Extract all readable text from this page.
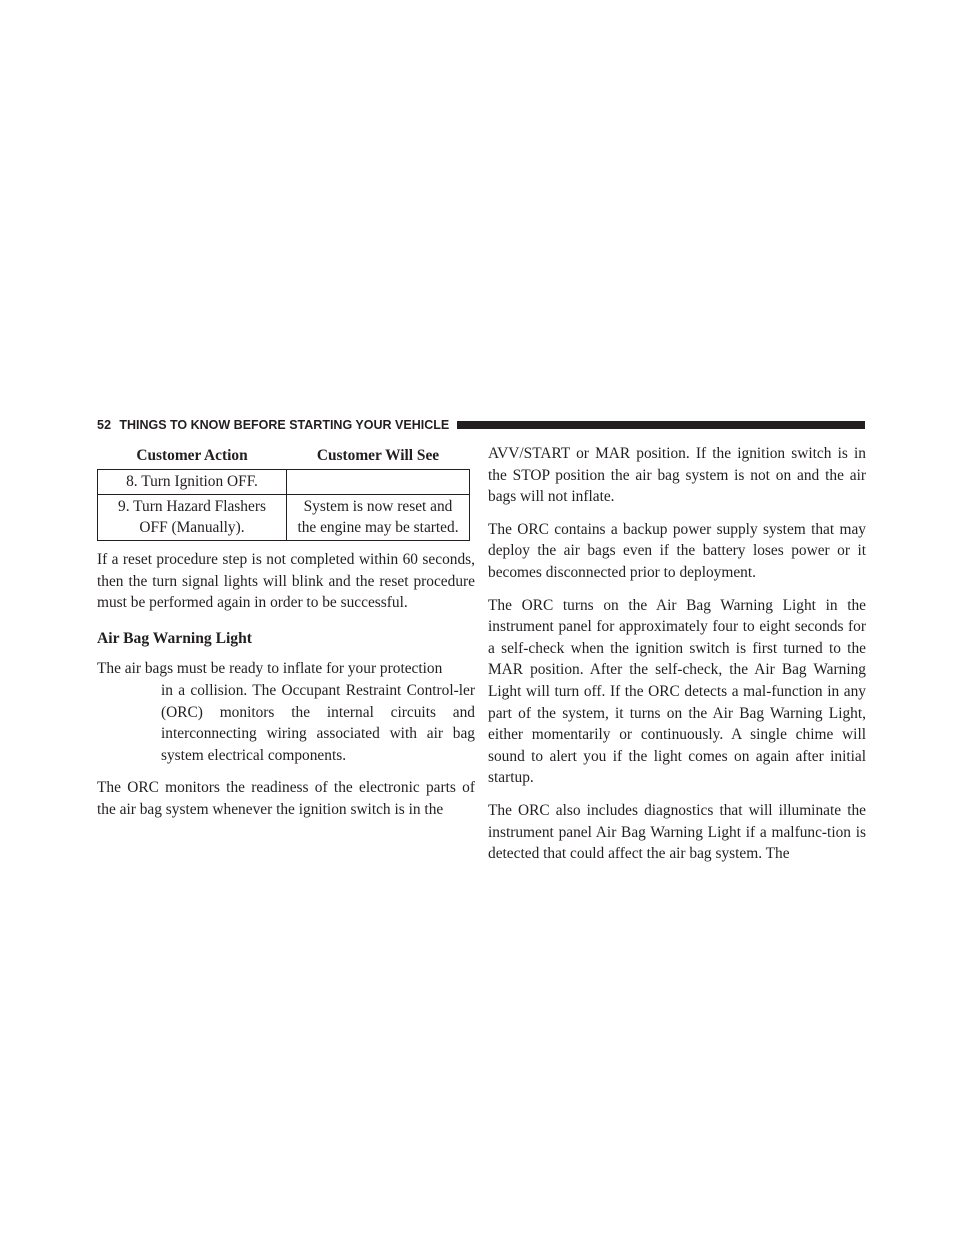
52 THINGS TO KNOW BEFORE STARTING YOUR VEHICLE
Customer Action	Customer Will See
8. Turn Ignition OFF.	
9. Turn Hazard Flashers OFF (Manually).	System is now reset and the engine may be started.

If a reset procedure step is not completed within 60 seconds, then the turn signal lights will blink and the reset procedure must be performed again in order to be successful.

Air Bag Warning Light

The air bags must be ready to inflate for your protection

in a collision. The Occupant Restraint Control-ler (ORC) monitors the internal circuits and interconnecting wiring associated with air bag system electrical components.

The ORC monitors the readiness of the electronic parts of the air bag system whenever the ignition switch is in the

AVV/START or MAR position. If the ignition switch is in the STOP position the air bag system is not on and the air bags will not inflate.

The ORC contains a backup power supply system that may deploy the air bags even if the battery loses power or it becomes disconnected prior to deployment.

The ORC turns on the Air Bag Warning Light in the instrument panel for approximately four to eight seconds for a self-check when the ignition switch is first turned to the MAR position. After the self-check, the Air Bag Warning Light will turn off. If the ORC detects a mal-function in any part of the system, it turns on the Air Bag Warning Light, either momentarily or continuously. A single chime will sound to alert you if the light comes on again after initial startup.

The ORC also includes diagnostics that will illuminate the instrument panel Air Bag Warning Light if a malfunc-tion is detected that could affect the air bag system. The
